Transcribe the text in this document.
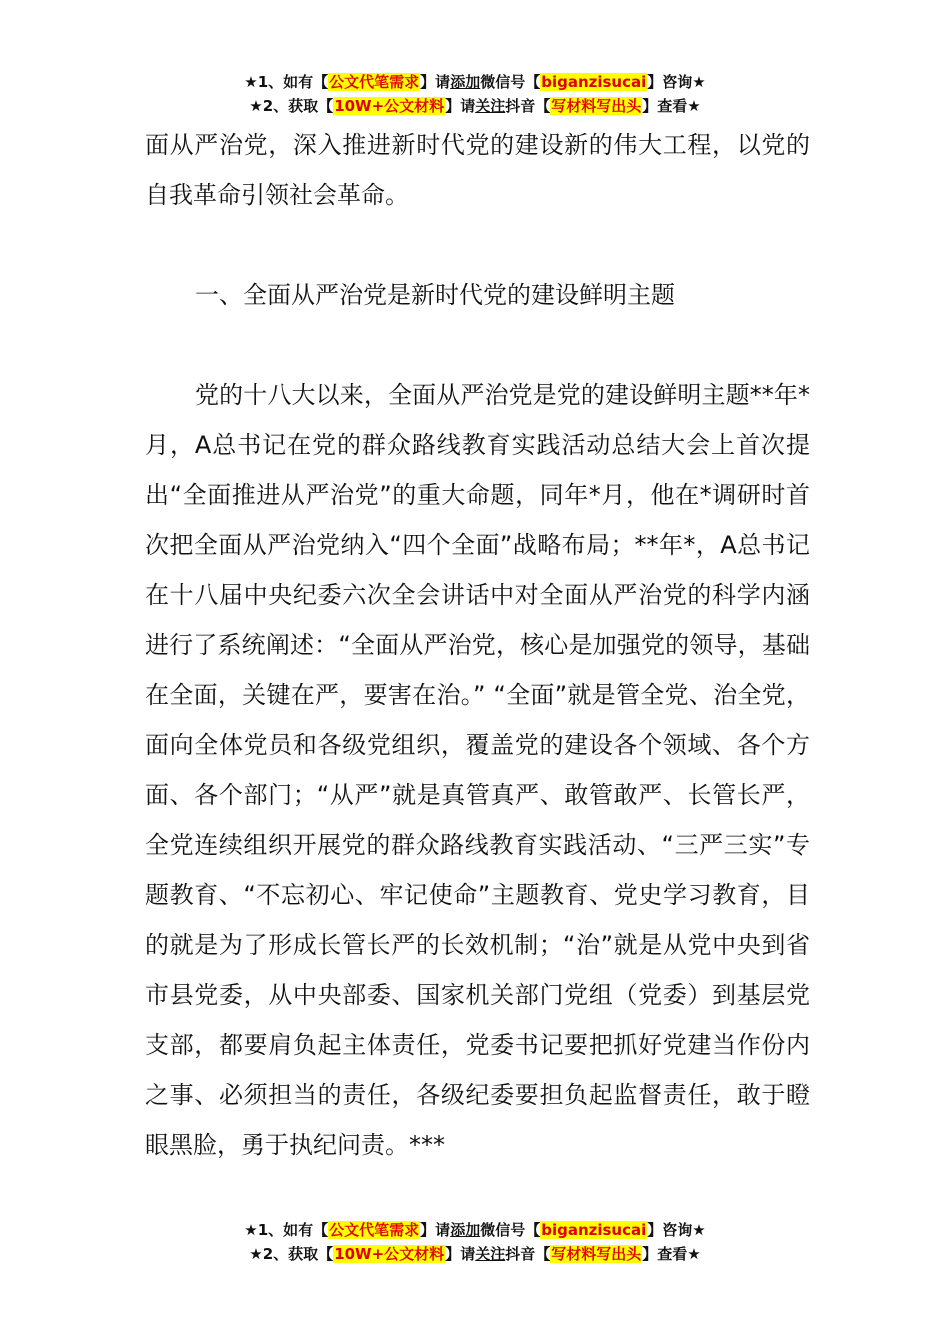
★1、如有【公文代笔需求】请添加微信号【biganzisucai】咨询★
★2、获取【10W+公文材料】请关注抖音【写材料写出头】查看★

面从严治党，深入推进新时代党的建设新的伟大工程，以党的自我革命引领社会革命。

一、全面从严治党是新时代党的建设鲜明主题

党的十八大以来，全面从严治党是党的建设鲜明主题**年*月，A总书记在党的群众路线教育实践活动总结大会上首次提出“全面推进从严治党”的重大命题，同年*月，他在*调研时首次把全面从严治党纳入“四个全面”战略布局；**年*，A总书记在十八届中央纪委六次全会讲话中对全面从严治党的科学内涵进行了系统阐述：“全面从严治党，核心是加强党的领导，基础在全面，关键在严，要害在治。” “全面”就是管全党、治全党，面向全体党员和各级党组织，覆盖党的建设各个领域、各个方面、各个部门；“从严”就是真管真严、敢管敢严、长管长严，全党连续组织开展党的群众路线教育实践活动、“三严三实”专题教育、“不忘初心、牢记使命”主题教育、党史学习教育，目的就是为了形成长管长严的长效机制；“治”就是从党中央到省市县党委，从中央部委、国家机关部门党组（党委）到基层党支部，都要肩负起主体责任，党委书记要把抓好党建当作份内之事、必须担当的责任，各级纪委要担负起监督责任，敢于瞪眼黑脸，勇于执纪问责。***

★1、如有【公文代笔需求】请添加微信号【biganzisucai】咨询★
★2、获取【10W+公文材料】请关注抖音【写材料写出头】查看★
